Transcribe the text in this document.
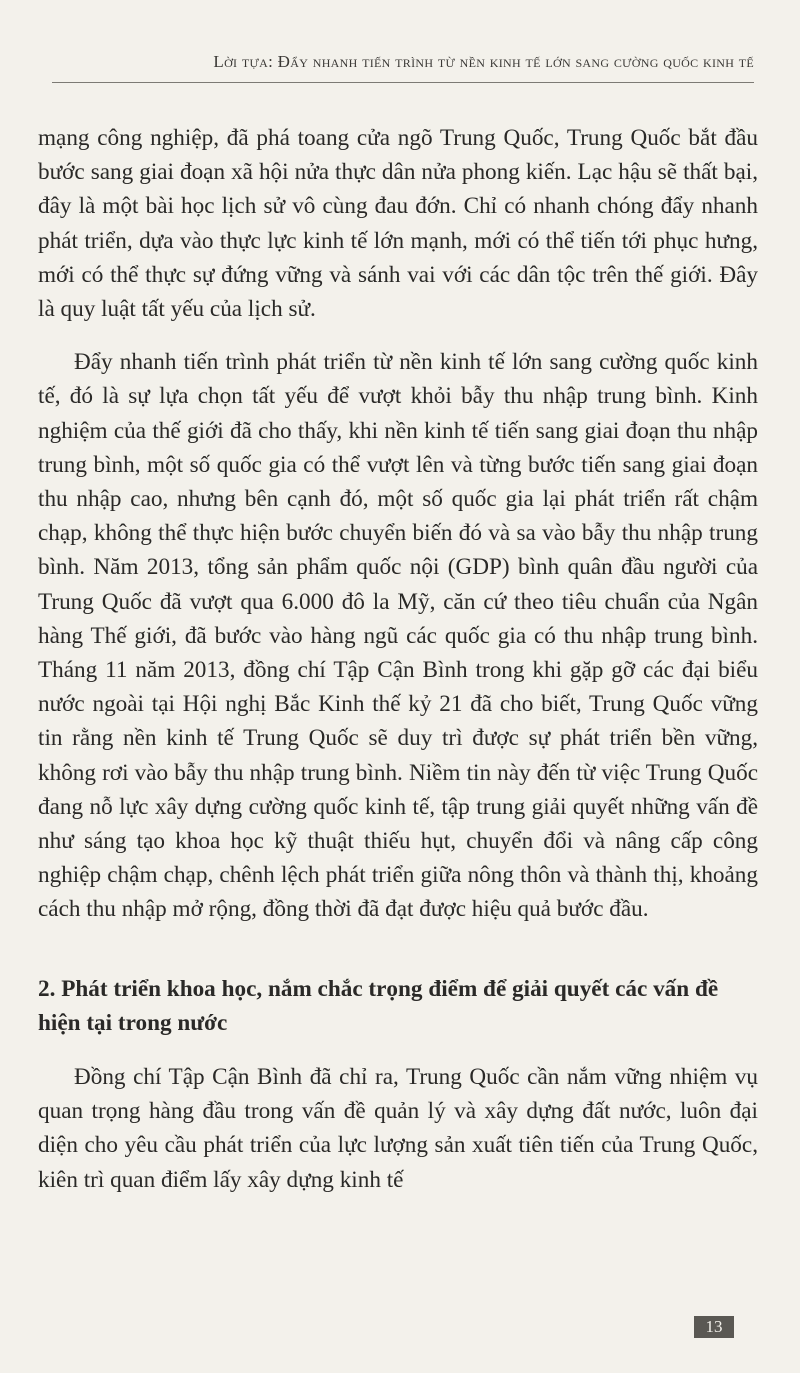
Lời tựa: Đẩy nhanh tiến trình từ nền kinh tế lớn sang cường quốc kinh tế

mạng công nghiệp, đã phá toang cửa ngõ Trung Quốc, Trung Quốc bắt đầu bước sang giai đoạn xã hội nửa thực dân nửa phong kiến. Lạc hậu sẽ thất bại, đây là một bài học lịch sử vô cùng đau đớn. Chỉ có nhanh chóng đẩy nhanh phát triển, dựa vào thực lực kinh tế lớn mạnh, mới có thể tiến tới phục hưng, mới có thể thực sự đứng vững và sánh vai với các dân tộc trên thế giới. Đây là quy luật tất yếu của lịch sử.

Đẩy nhanh tiến trình phát triển từ nền kinh tế lớn sang cường quốc kinh tế, đó là sự lựa chọn tất yếu để vượt khỏi bẫy thu nhập trung bình. Kinh nghiệm của thế giới đã cho thấy, khi nền kinh tế tiến sang giai đoạn thu nhập trung bình, một số quốc gia có thể vượt lên và từng bước tiến sang giai đoạn thu nhập cao, nhưng bên cạnh đó, một số quốc gia lại phát triển rất chậm chạp, không thể thực hiện bước chuyển biến đó và sa vào bẫy thu nhập trung bình. Năm 2013, tổng sản phẩm quốc nội (GDP) bình quân đầu người của Trung Quốc đã vượt qua 6.000 đô la Mỹ, căn cứ theo tiêu chuẩn của Ngân hàng Thế giới, đã bước vào hàng ngũ các quốc gia có thu nhập trung bình. Tháng 11 năm 2013, đồng chí Tập Cận Bình trong khi gặp gỡ các đại biểu nước ngoài tại Hội nghị Bắc Kinh thế kỷ 21 đã cho biết, Trung Quốc vững tin rằng nền kinh tế Trung Quốc sẽ duy trì được sự phát triển bền vững, không rơi vào bẫy thu nhập trung bình. Niềm tin này đến từ việc Trung Quốc đang nỗ lực xây dựng cường quốc kinh tế, tập trung giải quyết những vấn đề như sáng tạo khoa học kỹ thuật thiếu hụt, chuyển đổi và nâng cấp công nghiệp chậm chạp, chênh lệch phát triển giữa nông thôn và thành thị, khoảng cách thu nhập mở rộng, đồng thời đã đạt được hiệu quả bước đầu.

2. Phát triển khoa học, nắm chắc trọng điểm để giải quyết các vấn đề hiện tại trong nước

Đồng chí Tập Cận Bình đã chỉ ra, Trung Quốc cần nắm vững nhiệm vụ quan trọng hàng đầu trong vấn đề quản lý và xây dựng đất nước, luôn đại diện cho yêu cầu phát triển của lực lượng sản xuất tiên tiến của Trung Quốc, kiên trì quan điểm lấy xây dựng kinh tế

13
